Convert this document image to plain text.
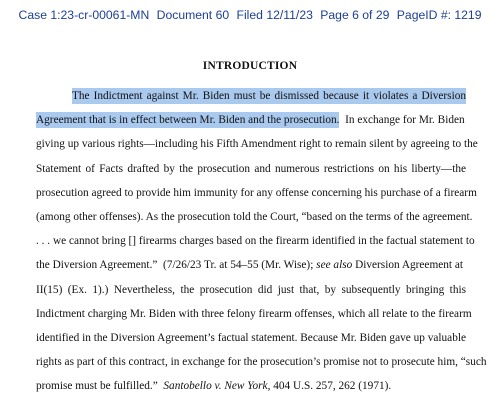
Case 1:23-cr-00061-MN Document 60 Filed 12/11/23 Page 6 of 29 PageID #: 1219
INTRODUCTION
The Indictment against Mr. Biden must be dismissed because it violates a Diversion
Agreement that is in effect between Mr. Biden and the prosecution.  In exchange for Mr. Biden
giving up various rights—including his Fifth Amendment right to remain silent by agreeing to the
Statement of Facts drafted by the prosecution and numerous restrictions on his liberty—the
prosecution agreed to provide him immunity for any offense concerning his purchase of a firearm
(among other offenses). As the prosecution told the Court, “based on the terms of the agreement.
. . . we cannot bring [] firearms charges based on the firearm identified in the factual statement to
the Diversion Agreement.”  (7/26/23 Tr. at 54–55 (Mr. Wise); see also Diversion Agreement at
II(15) (Ex. 1).) Nevertheless, the prosecution did just that, by subsequently bringing this
Indictment charging Mr. Biden with three felony firearm offenses, which all relate to the firearm
identified in the Diversion Agreement’s factual statement. Because Mr. Biden gave up valuable
rights as part of this contract, in exchange for the prosecution’s promise not to prosecute him, “such
promise must be fulfilled.”  Santobello v. New York, 404 U.S. 257, 262 (1971).
